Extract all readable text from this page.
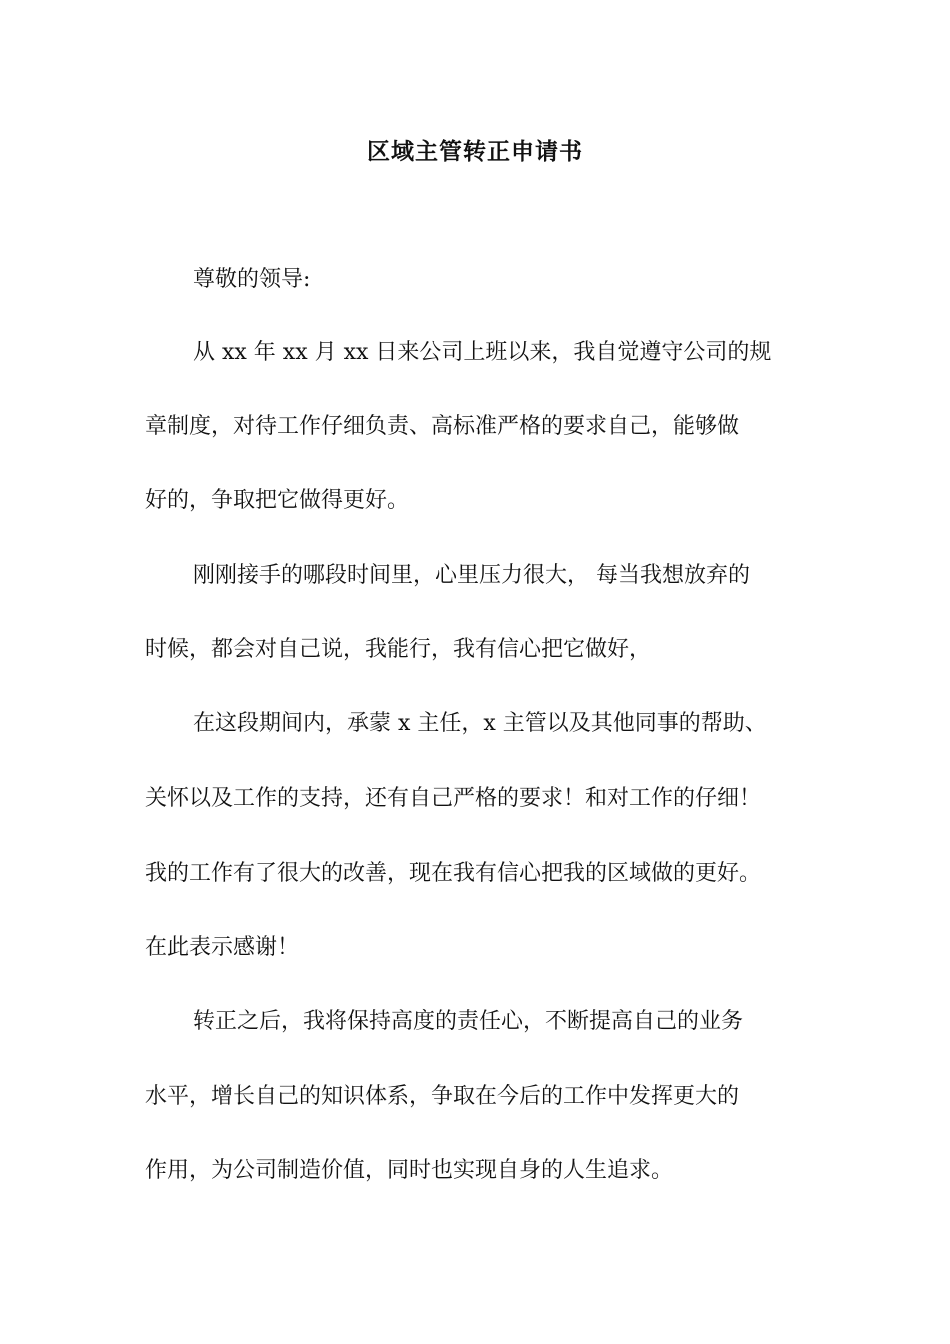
区域主管转正申请书

尊敬的领导:

从 xx 年 xx 月 xx 日来公司上班以来，我自觉遵守公司的规

章制度，对待工作仔细负责、高标准严格的要求自己，能够做

好的，争取把它做得更好。

刚刚接手的哪段时间里，心里压力很大， 每当我想放弃的

时候，都会对自己说，我能行，我有信心把它做好，

在这段期间内，承蒙 x 主任，x 主管以及其他同事的帮助、

关怀以及工作的支持，还有自己严格的要求！和对工作的仔细！

我的工作有了很大的改善，现在我有信心把我的区域做的更好。

在此表示感谢！

转正之后，我将保持高度的责任心，不断提高自己的业务

水平，增长自己的知识体系，争取在今后的工作中发挥更大的

作用，为公司制造价值，同时也实现自身的人生追求。
